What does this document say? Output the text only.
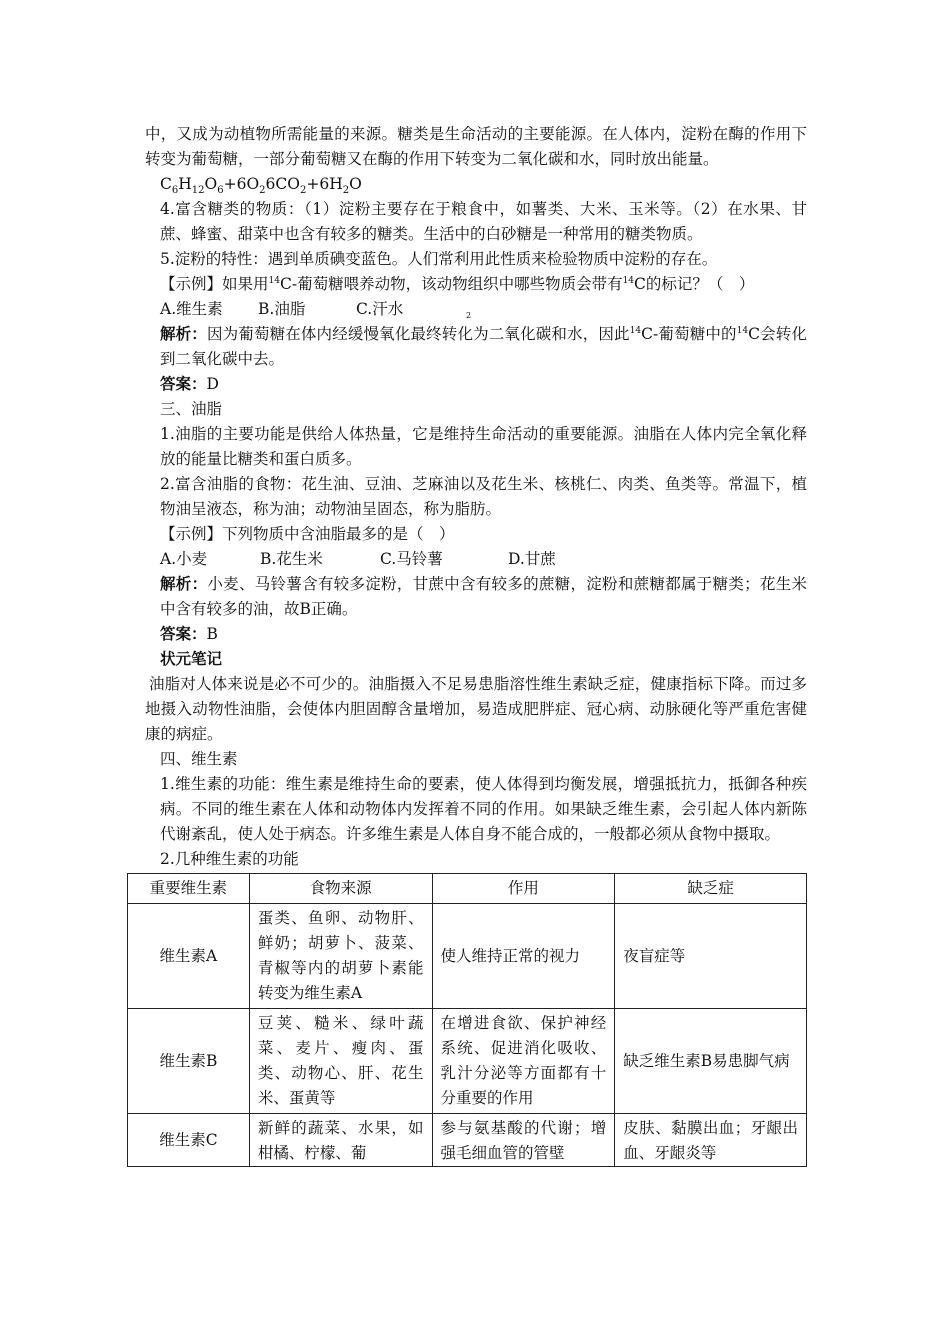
中，又成为动植物所需能量的来源。糖类是生命活动的主要能源。在人体内，淀粉在酶的作用下转变为葡萄糖，一部分葡萄糖又在酶的作用下转变为二氧化碳和水，同时放出能量。

$C_6H_{12}O_6+6O_26CO_2+6H_2O$

4.富含糖类的物质：（1）淀粉主要存在于粮食中，如薯类、大米、玉米等。（2）在水果、甘蔗、蜂蜜、甜菜中也含有较多的糖类。生活中的白砂糖是一种常用的糖类物质。

5.淀粉的特性：遇到单质碘变蓝色。人们常利用此性质来检验物质中淀粉的存在。

【示例】如果用$^{14}$C-葡萄糖喂养动物，该动物组织中哪些物质会带有$^{14}$C的标记？（　）

A.维生素	B.油脂	C.汗水	2

解析：因为葡萄糖在体内经缓慢氧化最终转化为二氧化碳和水，因此$^{14}$C-葡萄糖中的$^{14}$C会转化到二氧化碳中去。

答案：D

三、油脂

1.油脂的主要功能是供给人体热量，它是维持生命活动的重要能源。油脂在人体内完全氧化释放的能量比糖类和蛋白质多。

2.富含油脂的食物：花生油、豆油、芝麻油以及花生米、核桃仁、肉类、鱼类等。常温下，植物油呈液态，称为油；动物油呈固态，称为脂肪。

【示例】下列物质中含油脂最多的是（　）

A.小麦	B.花生米	C.马铃薯	D.甘蔗

解析：小麦、马铃薯含有较多淀粉，甘蔗中含有较多的蔗糖，淀粉和蔗糖都属于糖类；花生米中含有较多的油，故B正确。

答案：B

状元笔记

油脂对人体来说是必不可少的。油脂摄入不足易患脂溶性维生素缺乏症，健康指标下降。而过多地摄入动物性油脂，会使体内胆固醇含量增加，易造成肥胖症、冠心病、动脉硬化等严重危害健康的病症。

四、维生素

1.维生素的功能：维生素是维持生命的要素，使人体得到均衡发展，增强抵抗力，抵御各种疾病。不同的维生素在人体和动物体内发挥着不同的作用。如果缺乏维生素，会引起人体内新陈代谢紊乱，使人处于病态。许多维生素是人体自身不能合成的，一般都必须从食物中摄取。

2.几种维生素的功能

重要维生素	食物来源	作用	缺乏症
维生素A	蛋类、鱼卵、动物肝、鲜奶；胡萝卜、菠菜、青椒等内的胡萝卜素能转变为维生素A	使人维持正常的视力	夜盲症等
维生素B	豆荚、糙米、绿叶蔬菜、麦片、瘦肉、蛋类、动物心、肝、花生米、蛋黄等	在增进食欲、保护神经系统、促进消化吸收、乳汁分泌等方面都有十分重要的作用	缺乏维生素B易患脚气病
维生素C	新鲜的蔬菜、水果，如柑橘、柠檬、葡	参与氨基酸的代谢；增强毛细血管的管壁	皮肤、黏膜出血；牙龈出血、牙龈炎等
